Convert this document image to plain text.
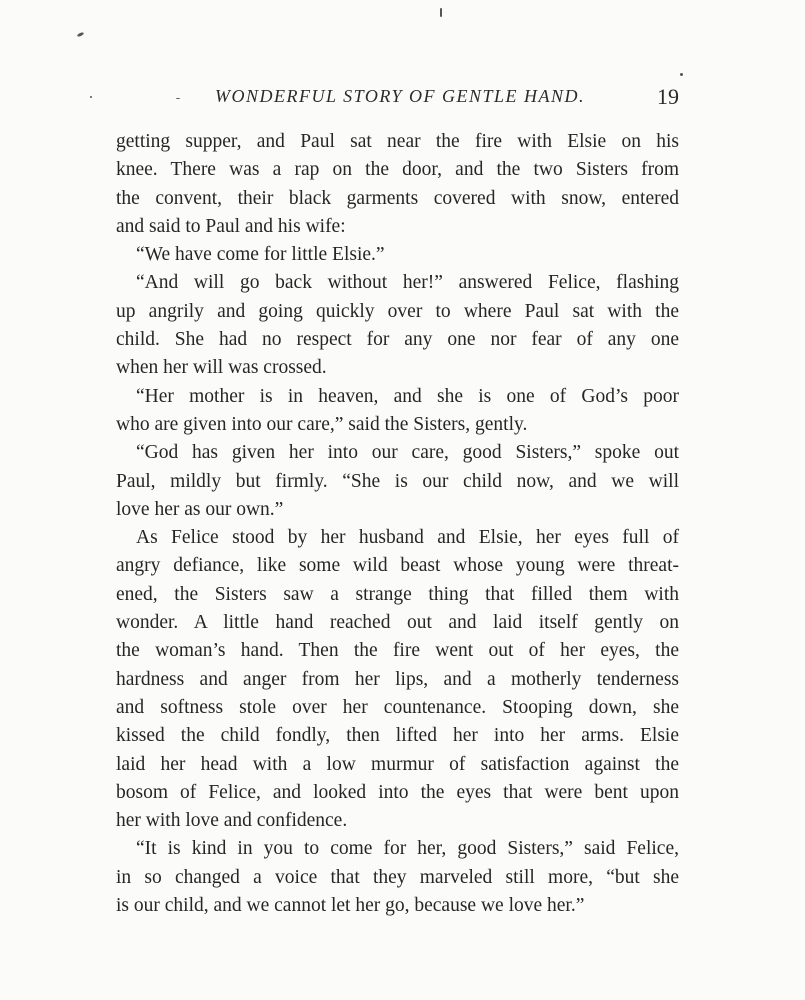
WONDERFUL STORY OF GENTLE HAND.	19
getting supper, and Paul sat near the fire with Elsie on his
knee. There was a rap on the door, and the two Sisters from
the convent, their black garments covered with snow, entered
and said to Paul and his wife:
“We have come for little Elsie.”
“And will go back without her!” answered Felice, flashing
up angrily and going quickly over to where Paul sat with the
child. She had no respect for any one nor fear of any one
when her will was crossed.
“Her mother is in heaven, and she is one of God’s poor
who are given into our care,” said the Sisters, gently.
“God has given her into our care, good Sisters,” spoke out
Paul, mildly but firmly. “She is our child now, and we will
love her as our own.”
As Felice stood by her husband and Elsie, her eyes full of
angry defiance, like some wild beast whose young were threat-
ened, the Sisters saw a strange thing that filled them with
wonder. A little hand reached out and laid itself gently on
the woman’s hand. Then the fire went out of her eyes, the
hardness and anger from her lips, and a motherly tenderness
and softness stole over her countenance. Stooping down, she
kissed the child fondly, then lifted her into her arms. Elsie
laid her head with a low murmur of satisfaction against the
bosom of Felice, and looked into the eyes that were bent upon
her with love and confidence.
“It is kind in you to come for her, good Sisters,” said Felice,
in so changed a voice that they marveled still more, “but she
is our child, and we cannot let her go, because we love her.”
